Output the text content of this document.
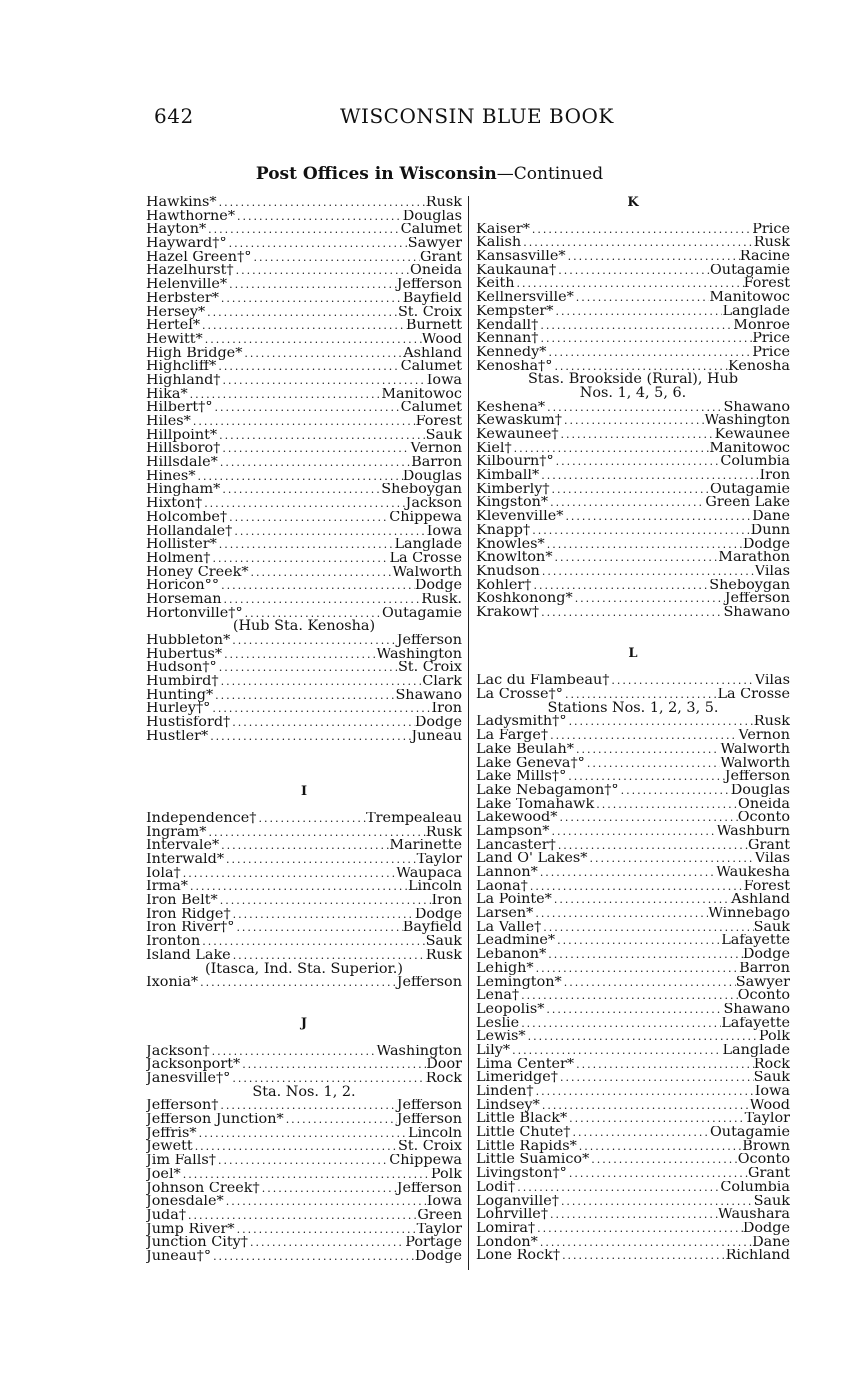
642	WISCONSIN BLUE BOOK
Post Offices in Wisconsin—Continued
Hawkins* .....	Rusk
Hawthorne* .....	Douglas
Hayton* .....	Calumet
Hayward†° .....	Sawyer
Hazel Green†° .....	Grant
Hazelhurst† .....	Oneida
Helenville* .....	Jefferson
Herbster* .....	Bayfield
Hersey* .....	St. Croix
Hertel* .....	Burnett
Hewitt* .....	Wood
High Bridge* .....	Ashland
Highcliff* .....	Calumet
Highland† .....	Iowa
Hika* .....	Manitowoc
Hilbert†° .....	Calumet
Hiles* .....	Forest
Hillpoint* .....	Sauk
Hillsboro† .....	Vernon
Hillsdale* .....	Barron
Hines* .....	Douglas
Hingham* .....	Sheboygan
Hixton† .....	Jackson
Holcombe† .....	Chippewa
Hollandale† .....	Iowa
Hollister* .....	Langlade
Holmen† .....	La Crosse
Honey Creek* .....	Walworth
Horicon°° .....	Dodge
Horseman .....	Rusk.
Hortonville†° .....	Outagamie
(Hub Sta. Kenosha)
Hubbleton* .....	Jefferson
Hubertus* .....	Washington
Hudson†° .....	St. Croix
Humbird† .....	Clark
Hunting* .....	Shawano
Hurley†° .....	Iron
Hustisford† .....	Dodge
Hustler* .....	Juneau
I
Independence† .....	Trempealeau
Ingram* .....	Rusk
Intervale* .....	Marinette
Interwald* .....	Taylor
Iola† .....	Waupaca
Irma* .....	Lincoln
Iron Belt* .....	Iron
Iron Ridge† .....	Dodge
Iron River†° .....	Bayfield
Ironton .....	Sauk
Island Lake .....	Rusk
(Itasca, Ind. Sta. Superior.)
Ixonia* .....	Jefferson
J
Jackson† .....	Washington
Jacksonport* .....	Door
Janesville†° .....	Rock
Sta. Nos. 1, 2.
Jefferson† .....	Jefferson
Jefferson Junction* .....	Jefferson
Jeffris* .....	Lincoln
Jewett .....	St. Croix
Jim Falls† .....	Chippewa
Joel* .....	Polk
Johnson Creek† .....	Jefferson
Jonesdale* .....	Iowa
Juda† .....	Green
Jump River* .....	Taylor
Junction City† .....	Portage
Juneau†° .....	Dodge
K
Kaiser* .....	Price
Kalish .....	Rusk
Kansasville* .....	Racine
Kaukauna† .....	Outagamie
Keith .....	Forest
Kellnersville* .....	Manitowoc
Kempster* .....	Langlade
Kendall† .....	Monroe
Kennan† .....	Price
Kennedy* .....	Price
Kenosha†° .....	Kenosha
Stas. Brookside (Rural), Hub
Nos. 1, 4, 5, 6.
Keshena* .....	Shawano
Kewaskum† .....	Washington
Kewaunee† .....	Kewaunee
Kiel† .....	Manitowoc
Kilbourn†° .....	Columbia
Kimball* .....	Iron
Kimberly† .....	Outagamie
Kingston* .....	Green Lake
Klevenville* .....	Dane
Knapp† .....	Dunn
Knowles* .....	Dodge
Knowlton* .....	Marathon
Knudson .....	Vilas
Kohler† .....	Sheboygan
Koshkonong* .....	Jefferson
Krakow† .....	Shawano
L
Lac du Flambeau† .....	Vilas
La Crosse†° .....	La Crosse
Stations Nos. 1, 2, 3, 5.
Ladysmith†° .....	Rusk
La Farge† .....	Vernon
Lake Beulah* .....	Walworth
Lake Geneva†° .....	Walworth
Lake Mills†° .....	Jefferson
Lake Nebagamon†° .....	Douglas
Lake Tomahawk .....	Oneida
Lakewood* .....	Oconto
Lampson* .....	Washburn
Lancaster† .....	Grant
Land O' Lakes* .....	Vilas
Lannon* .....	Waukesha
Laona† .....	Forest
La Pointe* .....	Ashland
Larsen* .....	Winnebago
La Valle† .....	Sauk
Leadmine* .....	Lafayette
Lebanon* .....	Dodge
Lehigh* .....	Barron
Lemington* .....	Sawyer
Lena† .....	Oconto
Leopolis* .....	Shawano
Leslie .....	Lafayette
Lewis* .....	Polk
Lily* .....	Langlade
Lima Center* .....	Rock
Limeridge† .....	Sauk
Linden† .....	Iowa
Lindsey* .....	Wood
Little Black* .....	Taylor
Little Chute† .....	Outagamie
Little Rapids* .....	Brown
Little Suamico* .....	Oconto
Livingston†° .....	Grant
Lodi† .....	Columbia
Loganville† .....	Sauk
Lohrville† .....	Waushara
Lomira† .....	Dodge
London* .....	Dane
Lone Rock† .....	Richland
